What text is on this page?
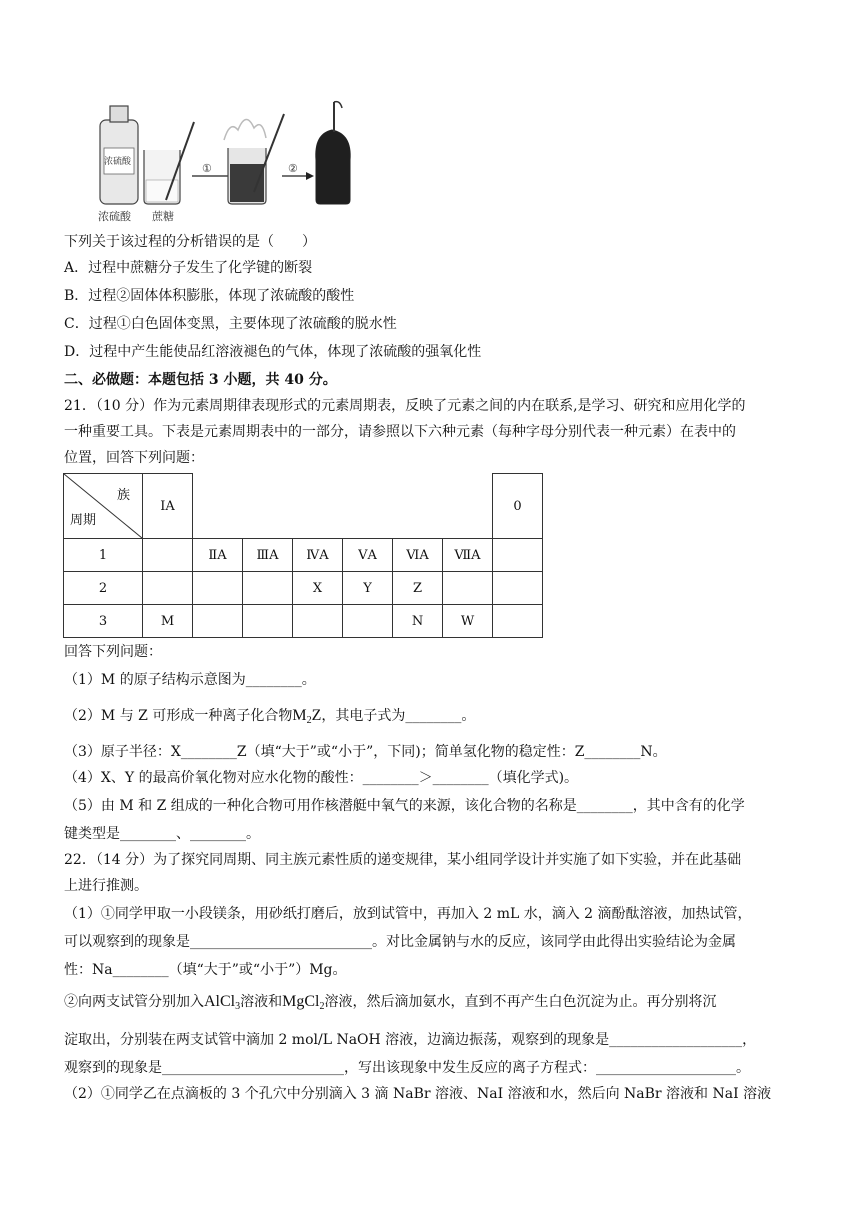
浓硫酸
浓硫酸 蔗糖
①	②
下列关于该过程的分析错误的是（　　）
A．过程中蔗糖分子发生了化学键的断裂
B．过程②固体体积膨胀，体现了浓硫酸的酸性
C．过程①白色固体变黑，主要体现了浓硫酸的脱水性
D．过程中产生能使品红溶液褪色的气体，体现了浓硫酸的强氧化性
二、必做题：本题包括 3 小题，共 40 分。
21．（10 分）作为元素周期律表现形式的元素周期表，反映了元素之间的内在联系,是学习、研究和应用化学的
一种重要工具。下表是元素周期表中的一部分，请参照以下六种元素（每种字母分别代表一种元素）在表中的
位置，回答下列问题：
族
周期	ⅠA							0
1		ⅡA	ⅢA	ⅣA	ⅤA	ⅥA	ⅦA	
2				X	Y	Z		
3	M					N	W	
回答下列问题：
（1）M 的原子结构示意图为________。
（2）M 与 Z 可形成一种离子化合物$M_2Z$，其电子式为________。
（3）原子半径：X________Z（填“大于”或“小于”，下同)；简单氢化物的稳定性：Z________N。
（4）X、Y 的最高价氧化物对应水化物的酸性：________＞________（填化学式)。
（5）由 M 和 Z 组成的一种化合物可用作核潜艇中氧气的来源，该化合物的名称是________，其中含有的化学
键类型是________、________。
22．（14 分）为了探究同周期、同主族元素性质的递变规律，某小组同学设计并实施了如下实验，并在此基础
上进行推测。
（1）①同学甲取一小段镁条，用砂纸打磨后，放到试管中，再加入 2 mL 水，滴入 2 滴酚酞溶液，加热试管，
可以观察到的现象是__________________________。对比金属钠与水的反应，该同学由此得出实验结论为金属
性：Na________（填“大于”或“小于”）Mg。
②向两支试管分别加入AlCl$_3$溶液和MgCl$_2$溶液，然后滴加氨水，直到不再产生白色沉淀为止。再分别将沉
淀取出，分别装在两支试管中滴加 2 mol/L NaOH 溶液，边滴边振荡，观察到的现象是___________________，
观察到的现象是__________________________，写出该现象中发生反应的离子方程式：____________________。
（2）①同学乙在点滴板的 3 个孔穴中分别滴入 3 滴 NaBr 溶液、NaI 溶液和水，然后向 NaBr 溶液和 NaI 溶液
